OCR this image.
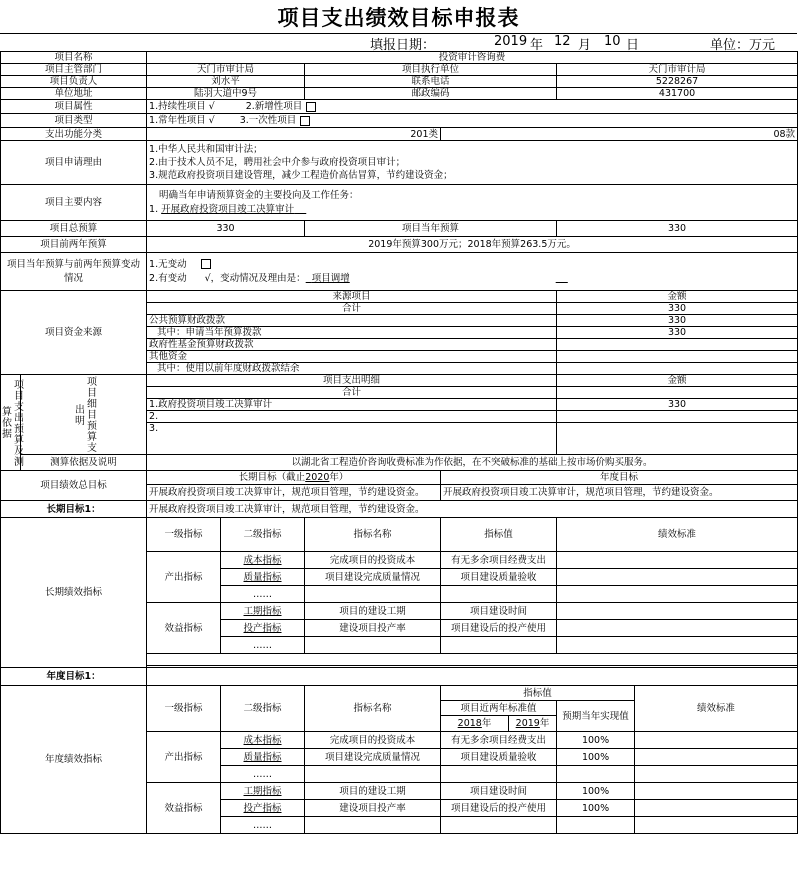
项目支出绩效目标申报表
填报日期：	2019 年 12 月 10 日	单位：万元
项目名称		投资审计咨询费						
项目主管部门		天门市审计局		项目执行单位			天门市审计局	
项目负责人		刘水平		联系电话			5228267	
单位地址		陆羽大道中9号		邮政编码			431700	
项目属性		1.持续性项目 √ 2.新增性项目						
项目类型		1.常年性项目 √ 3.一次性项目						
支出功能分类		201类			08款			
项目申请理由		1.中华人民共和国审计法；
2.由于技术人员不足，聘用社会中介参与政府投资项目审计；
3.规范政府投资项目建设管理，减少工程造价高估冒算，节约建设资金；						

项目主要内容		明确当年申请预算资金的主要投向及工作任务：
1. 开展政府投资项目竣工决算审计						

项目总预算		330		项目当年预算			330	
项目前两年预算		2019年预算300万元；2018年预算263.5万元。						
项目当年预算与前两年预算变动情况		1.无变动
2.有变动 √，变动情况及理由是： 项目调增						

项目资金来源		来源项目					金额	
		合计					330	
		公共预算财政拨款					330	
		其中：申请当年预算拨款					330	
		政府性基金预算财政拨款						
		其他资金						
		其中：使用以前年度财政拨款结余						
项目支出预算及测算依据	项目细目预算支出明	项目支出明细					金额	
		合计						
		1.政府投资项目竣工决算审计					330	
		2.						
		3.						
	测算依据及说明	以湖北省工程造价咨询收费标准为作依据，在不突破标准的基础上按市场价购买服务。						
项目绩效总目标		长期目标（截止2020年）			年度目标			
		开展政府投资项目竣工决算审计，规范项目管理，节约建设资金。			开展政府投资项目竣工决算审计，规范项目管理，节约建设资金。			
长期目标1：		开展政府投资项目竣工决算审计，规范项目管理，节约建设资金。						
长期绩效指标		一级指标	二级指标	指标名称	指标值		绩效标准	
		产出指标	成本指标	完成项目的投资成本	有无多余项目经费支出			
			质量指标	项目建设完成质量情况	项目建设质量验收			
			……					
		效益指标	工期指标	项目的建设工期	项目建设时间			
			投产指标	建设项目投产率	项目建设后的投产使用			
			……					

年度目标1：								
年度绩效指标		一级指标	二级指标	指标名称	指标值			绩效标准
					项目近两年标准值		预期当年实现值	
					2018年	2019年		
		产出指标	成本指标	完成项目的投资成本	有无多余项目经费支出		100%	
			质量指标	项目建设完成质量情况	项目建设质量验收		100%	
			……					
		效益指标	工期指标	项目的建设工期	项目建设时间		100%	
			投产指标	建设项目投产率	项目建设后的投产使用		100%	
			……					
